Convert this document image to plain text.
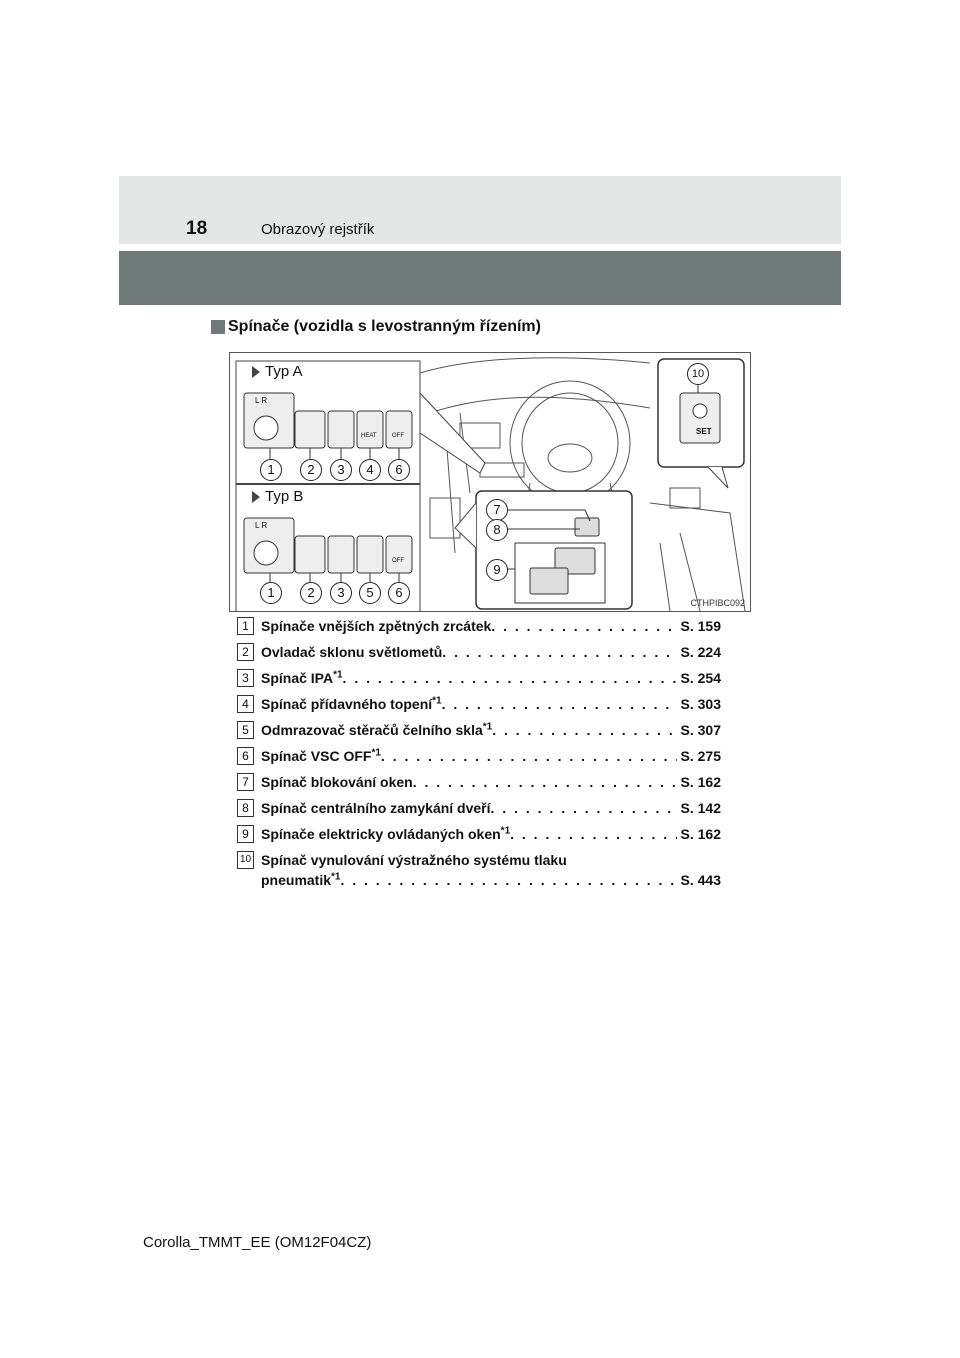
18	Obrazový rejstřík
Spínače (vozidla s levostranným řízením)
Typ A
Typ B
L R
HEAT	OFF
L R
OFF
SET
1	2	3	4	6
1	2	3	5	6
7
8
9
10
CTHPIBC092
1 Spínače vnějších zpětných zrcátek . . .	S. 159
2 Ovladač sklonu světlometů . . .	S. 224
3 Spínač IPA$^{*1}$ . . .	S. 254
4 Spínač přídavného topení$^{*1}$ . . .	S. 303
5 Odmrazovač stěračů čelního skla$^{*1}$ . . .	S. 307
6 Spínač VSC OFF$^{*1}$ . . .	S. 275
7 Spínač blokování oken . . .	S. 162
8 Spínač centrálního zamykání dveří . . .	S. 142
9 Spínače elektricky ovládaných oken$^{*1}$ . . .	S. 162
10 Spínač vynulování výstražného systému tlaku
pneumatik$^{*1}$ . . .	S. 443
Corolla_TMMT_EE (OM12F04CZ)
